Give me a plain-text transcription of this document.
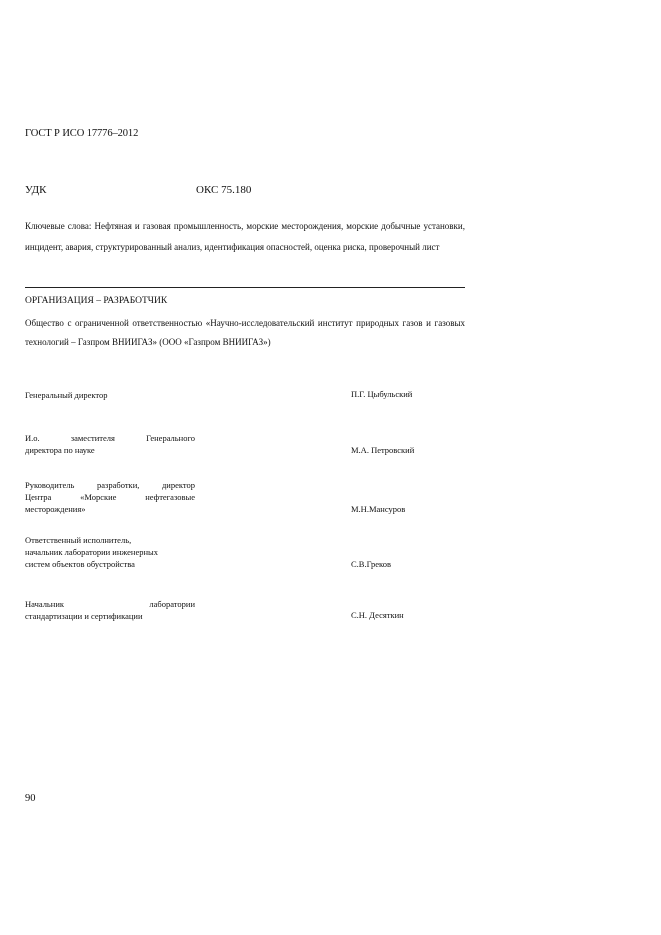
ГОСТ Р ИСО 17776–2012
УДК	ОКС 75.180
Ключевые слова: Нефтяная и газовая промышленность, морские месторождения, морские добычные установки, инцидент, авария, структурированный анализ, идентификация опасностей, оценка риска, проверочный лист
ОРГАНИЗАЦИЯ – РАЗРАБОТЧИК
Общество с ограниченной ответственностью «Научно-исследовательский институт природных газов и газовых технологий – Газпром ВНИИГАЗ» (ООО «Газпром ВНИИГАЗ»)
Генеральный директор	П.Г. Цыбульский
И.о. заместителя Генерального
директора по науке	М.А. Петровский
Руководитель разработки, директор
Центра «Морские нефтегазовые
месторождения»	М.Н.Мансуров
Ответственный исполнитель,
начальник лаборатории инженерных
систем объектов обустройства	С.В.Греков
Начальник лаборатории
стандартизации и сертификации	С.Н. Десяткин
90
